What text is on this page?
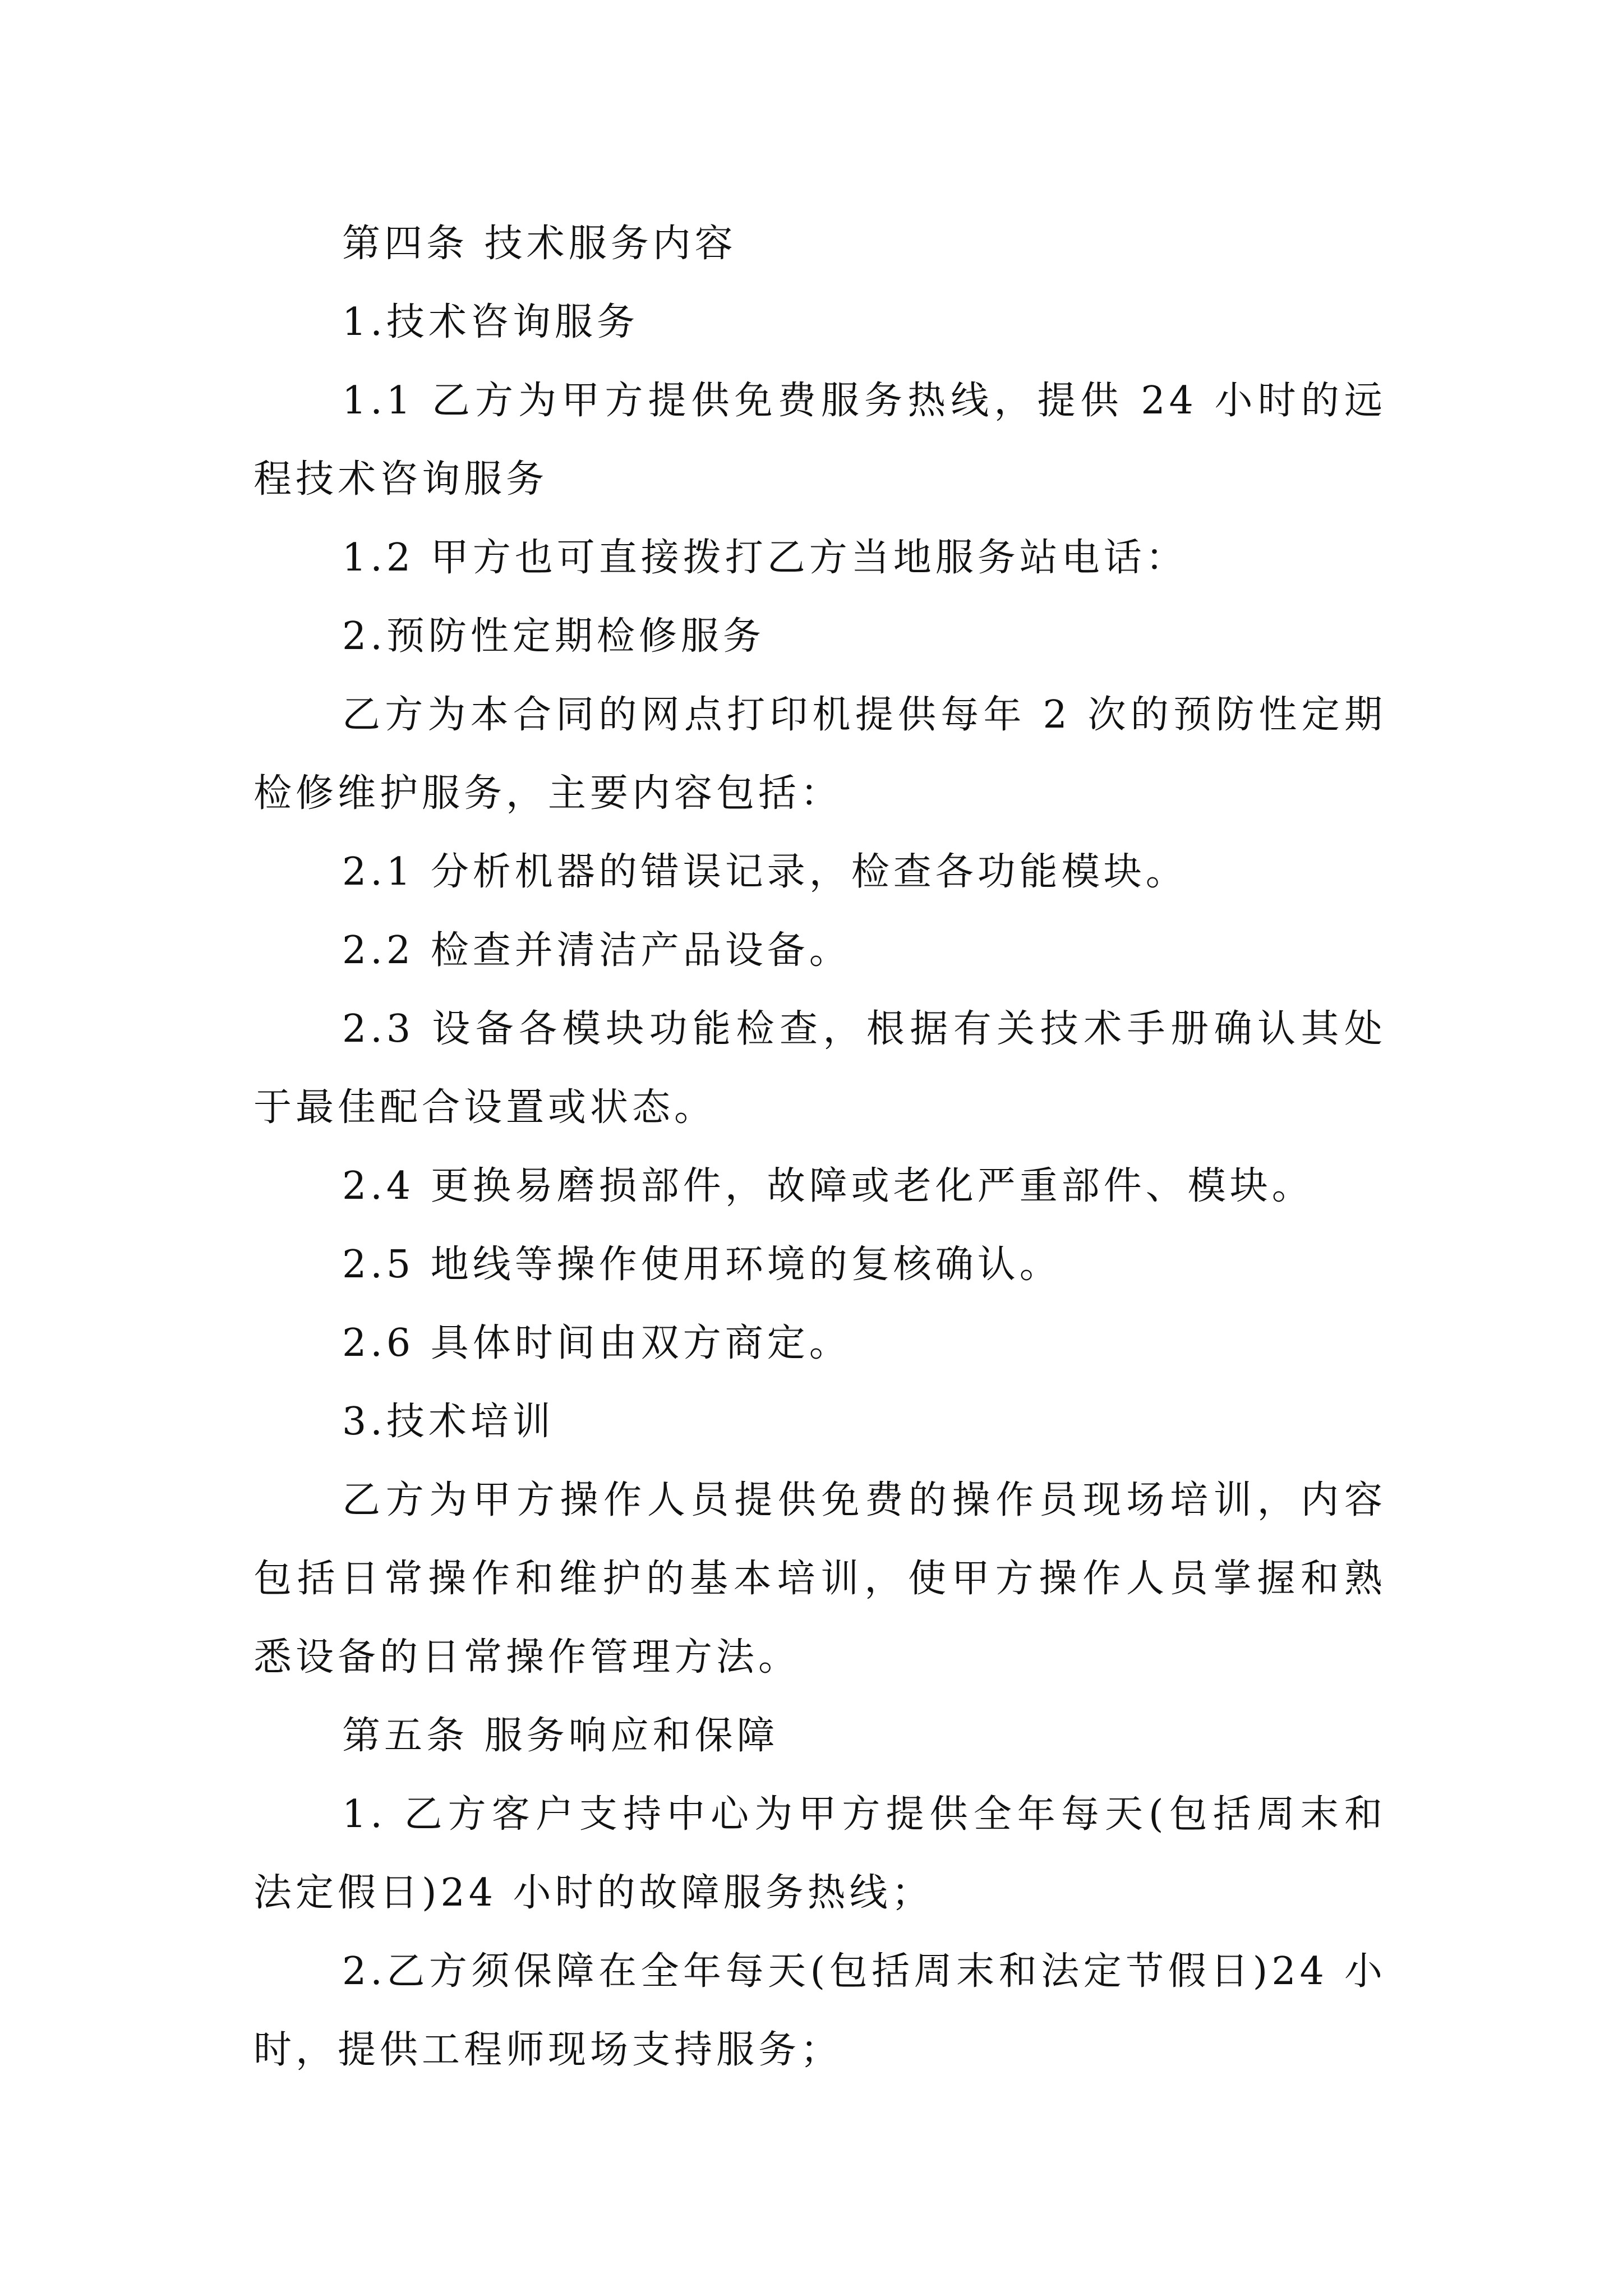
第四条 技术服务内容

1.技术咨询服务

1.1 乙方为甲方提供免费服务热线，提供 24 小时的远程技术咨询服务

1.2 甲方也可直接拨打乙方当地服务站电话：

2.预防性定期检修服务

乙方为本合同的网点打印机提供每年 2 次的预防性定期检修维护服务，主要内容包括：

2.1 分析机器的错误记录，检查各功能模块。

2.2 检查并清洁产品设备。

2.3 设备各模块功能检查，根据有关技术手册确认其处于最佳配合设置或状态。

2.4 更换易磨损部件，故障或老化严重部件、模块。

2.5 地线等操作使用环境的复核确认。

2.6 具体时间由双方商定。

3.技术培训

乙方为甲方操作人员提供免费的操作员现场培训，内容包括日常操作和维护的基本培训，使甲方操作人员掌握和熟悉设备的日常操作管理方法。

第五条 服务响应和保障

1. 乙方客户支持中心为甲方提供全年每天(包括周末和法定假日)24 小时的故障服务热线；

2.乙方须保障在全年每天(包括周末和法定节假日)24 小时，提供工程师现场支持服务；
